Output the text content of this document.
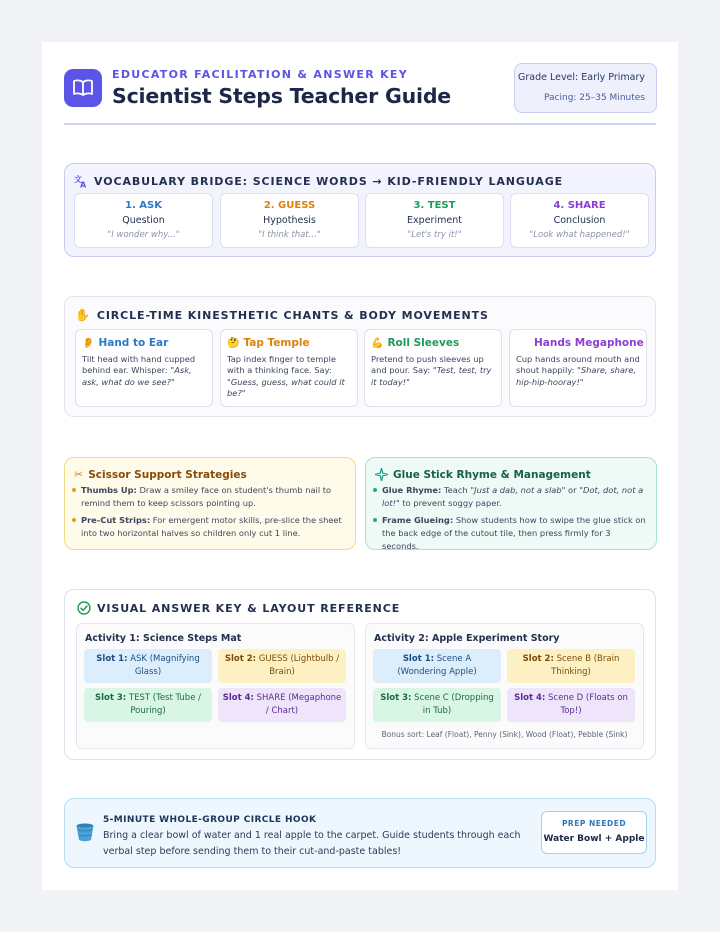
EDUCATOR FACILITATION & ANSWER KEY
Scientist Steps Teacher Guide
Grade Level: Early Primary
Pacing: 25–35 Minutes
文
A VOCABULARY BRIDGE: SCIENCE WORDS → KID-FRIENDLY LANGUAGE
1. ASK
Question
"I wonder why..."
2. GUESS
Hypothesis
"I think that..."
3. TEST
Experiment
"Let's try it!"
4. SHARE
Conclusion
"Look what happened!"
✋ CIRCLE-TIME KINESTHETIC CHANTS & BODY MOVEMENTS
👂 Hand to Ear
Tilt head with hand cupped behind ear. Whisper: "Ask, ask, what do we see?"
🤔 Tap Temple
Tap index finger to temple with a thinking face. Say: "Guess, guess, what could it be?"
💪 Roll Sleeves
Pretend to push sleeves up and pour. Say: "Test, test, try it today!"
Hands Megaphone
Cup hands around mouth and shout happily: "Share, share, hip-hip-hooray!"
✂ Scissor Support Strategies
Thumbs Up: Draw a smiley face on student's thumb nail to remind them to keep scissors pointing up.
Pre-Cut Strips: For emergent motor skills, pre-slice the sheet into two horizontal halves so children only cut 1 line.
Glue Stick Rhyme & Management
Glue Rhyme: Teach "Just a dab, not a slab" or "Dot, dot, not a lot!" to prevent soggy paper.
Frame Glueing: Show students how to swipe the glue stick on the back edge of the cutout tile, then press firmly for 3 seconds.
VISUAL ANSWER KEY & LAYOUT REFERENCE
Activity 1: Science Steps Mat
Slot 1: ASK (Magnifying Glass)
Slot 2: GUESS (Lightbulb / Brain)
Slot 3: TEST (Test Tube / Pouring)
Slot 4: SHARE (Megaphone / Chart)
Activity 2: Apple Experiment Story
Slot 1: Scene A (Wondering Apple)
Slot 2: Scene B (Brain Thinking)
Slot 3: Scene C (Dropping in Tub)
Slot 4: Scene D (Floats on Top!)
Bonus sort: Leaf (Float), Penny (Sink), Wood (Float), Pebble (Sink)
5-MINUTE WHOLE-GROUP CIRCLE HOOK
Bring a clear bowl of water and 1 real apple to the carpet. Guide students through each verbal step before sending them to their cut-and-paste tables!
PREP NEEDED
Water Bowl + Apple
